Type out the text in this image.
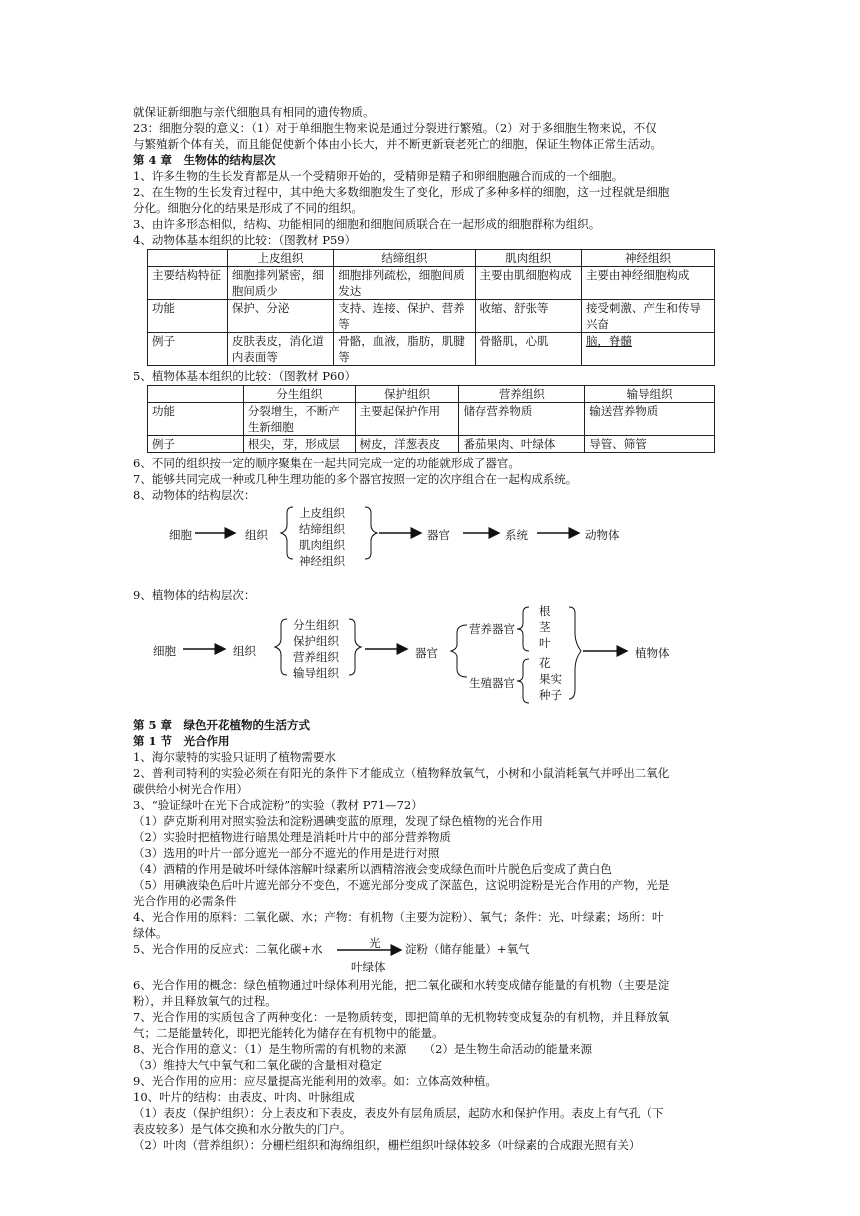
就保证新细胞与亲代细胞具有相同的遗传物质。

23：细胞分裂的意义：（1）对于单细胞生物来说是通过分裂进行繁殖。（2）对于多细胞生物来说，不仅

与繁殖新个体有关，而且能促使新个体由小长大，并不断更新衰老死亡的细胞，保证生物体正常生活动。

第 4 章　生物体的结构层次

1、许多生物的生长发育都是从一个受精卵开始的，受精卵是精子和卵细胞融合而成的一个细胞。

2、在生物的生长发育过程中，其中绝大多数细胞发生了变化，形成了多种多样的细胞，这一过程就是细胞

分化。细胞分化的结果是形成了不同的组织。

3、由许多形态相似，结构、功能相同的细胞和细胞间质联合在一起形成的细胞群称为组织。

4、动物体基本组织的比较：（图教材 P59）

	上皮组织	结缔组织	肌肉组织	神经组织
主要结构特征	细胞排列紧密，细胞间质少	细胞排列疏松，细胞间质发达	主要由肌细胞构成	主要由神经细胞构成
功能	保护、分泌	支持、连接、保护、营养等	收缩、舒张等	接受刺激、产生和传导兴奋
例子	皮肤表皮，消化道内表面等	骨骼，血液，脂肪，肌腱等	骨骼肌，心肌	脑，脊髓

5、植物体基本组织的比较：（图教材 P60）

	分生组织	保护组织	营养组织	输导组织
功能	分裂增生，不断产生新细胞	主要起保护作用	储存营养物质	输送营养物质
例子	根尖，芽，形成层	树皮，洋葱表皮	番茄果肉、叶绿体	导管、筛管

6、不同的组织按一定的顺序聚集在一起共同完成一定的功能就形成了器官。

7、能够共同完成一种或几种生理功能的多个器官按照一定的次序组合在一起构成系统。

8、动物体的结构层次：

细胞	组织
上皮组织
结缔组织
肌肉组织
神经组织
器官	系统	动物体

9、植物体的结构层次：

细胞	组织
分生组织
保护组织
营养组织
输导组织
器官
营养器官
生殖器官
根
茎
叶
花
果实
种子
植物体

第 5 章　绿色开花植物的生活方式

第 1 节　光合作用

1、海尔蒙特的实验只证明了植物需要水

2、普利司特利的实验必须在有阳光的条件下才能成立（植物释放氧气，小树和小鼠消耗氧气并呼出二氧化

碳供给小树光合作用）

3、“验证绿叶在光下合成淀粉”的实验（教材 P71—72）

（1）萨克斯利用对照实验法和淀粉遇碘变蓝的原理，发现了绿色植物的光合作用

（2）实验时把植物进行暗黑处理是消耗叶片中的部分营养物质

（3）选用的叶片一部分遮光一部分不遮光的作用是进行对照

（4）酒精的作用是破坏叶绿体溶解叶绿素所以酒精溶液会变成绿色而叶片脱色后变成了黄白色

（5）用碘液染色后叶片遮光部分不变色，不遮光部分变成了深蓝色，这说明淀粉是光合作用的产物，光是

光合作用的必需条件

4、光合作用的原料：二氧化碳、水；产物：有机物（主要为淀粉）、氧气；条件：光、叶绿素；场所：叶

绿体。

5、光合作用的反应式：二氧化碳+水	光 淀粉（储存能量）+氧气
叶绿体

6、光合作用的概念：绿色植物通过叶绿体利用光能，把二氧化碳和水转变成储存能量的有机物（主要是淀

粉），并且释放氧气的过程。

7、光合作用的实质包含了两种变化：一是物质转变，即把简单的无机物转变成复杂的有机物，并且释放氧

气；二是能量转化，即把光能转化为储存在有机物中的能量。

8、光合作用的意义：（1）是生物所需的有机物的来源　　（2）是生物生命活动的能量来源

（3）维持大气中氧气和二氧化碳的含量相对稳定

9、光合作用的应用：应尽量提高光能利用的效率。如：立体高效种植。

10、叶片的结构：由表皮、叶肉、叶脉组成

（1）表皮（保护组织）：分上表皮和下表皮，表皮外有层角质层，起防水和保护作用。表皮上有气孔（下

表皮较多）是气体交换和水分散失的门户。

（2）叶肉（营养组织）：分栅栏组织和海绵组织，栅栏组织叶绿体较多（叶绿素的合成跟光照有关）
